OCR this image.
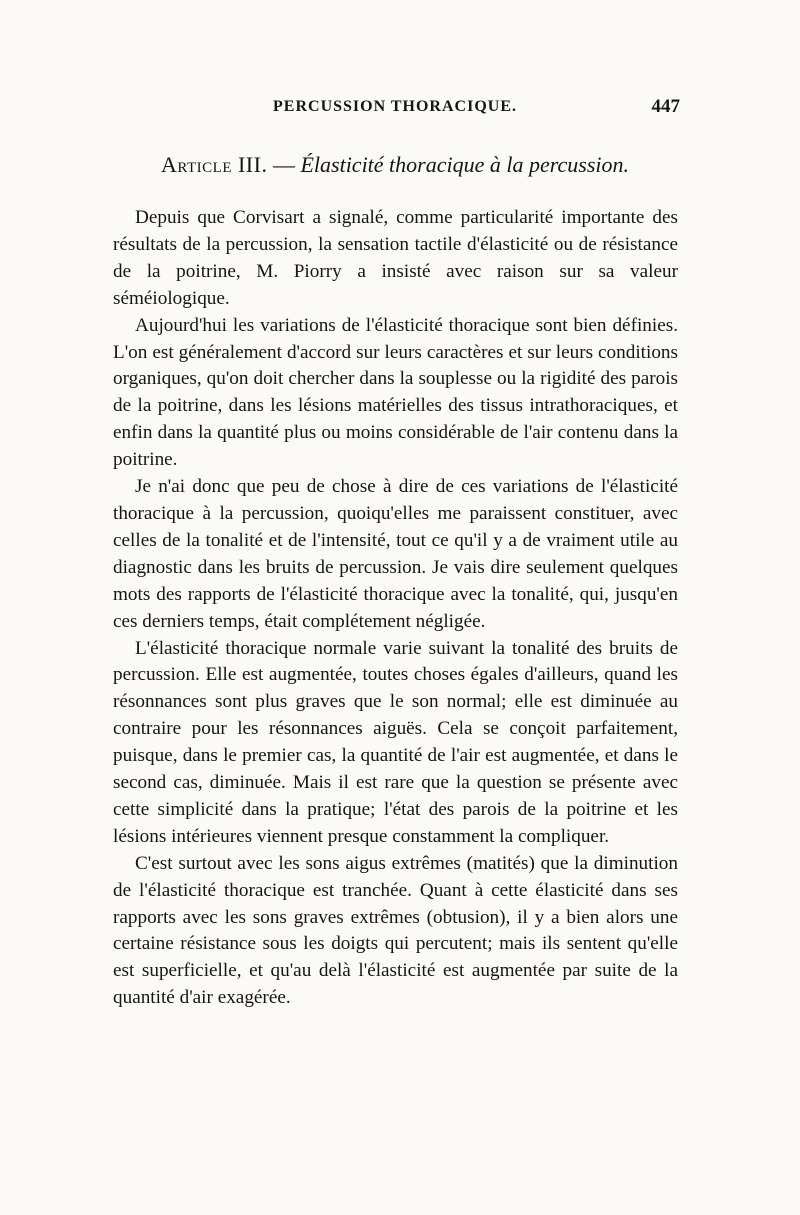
PERCUSSION THORACIQUE.	447
Article III. — Élasticité thoracique à la percussion.

Depuis que Corvisart a signalé, comme particularité importante des résultats de la percussion, la sensation tactile d'élasticité ou de résistance de la poitrine, M. Piorry a insisté avec raison sur sa valeur séméiologique.

Aujourd'hui les variations de l'élasticité thoracique sont bien définies. L'on est généralement d'accord sur leurs caractères et sur leurs conditions organiques, qu'on doit chercher dans la souplesse ou la rigidité des parois de la poitrine, dans les lésions matérielles des tissus intrathoraciques, et enfin dans la quantité plus ou moins considérable de l'air contenu dans la poitrine.

Je n'ai donc que peu de chose à dire de ces variations de l'élasticité thoracique à la percussion, quoiqu'elles me paraissent constituer, avec celles de la tonalité et de l'intensité, tout ce qu'il y a de vraiment utile au diagnostic dans les bruits de percussion. Je vais dire seulement quelques mots des rapports de l'élasticité thoracique avec la tonalité, qui, jusqu'en ces derniers temps, était complétement négligée.

L'élasticité thoracique normale varie suivant la tonalité des bruits de percussion. Elle est augmentée, toutes choses égales d'ailleurs, quand les résonnances sont plus graves que le son normal; elle est diminuée au contraire pour les résonnances aiguës. Cela se conçoit parfaitement, puisque, dans le premier cas, la quantité de l'air est augmentée, et dans le second cas, diminuée. Mais il est rare que la question se présente avec cette simplicité dans la pratique; l'état des parois de la poitrine et les lésions intérieures viennent presque constamment la compliquer.

C'est surtout avec les sons aigus extrêmes (matités) que la diminution de l'élasticité thoracique est tranchée. Quant à cette élasticité dans ses rapports avec les sons graves extrêmes (obtusion), il y a bien alors une certaine résistance sous les doigts qui percutent; mais ils sentent qu'elle est superficielle, et qu'au delà l'élasticité est augmentée par suite de la quantité d'air exagérée.
